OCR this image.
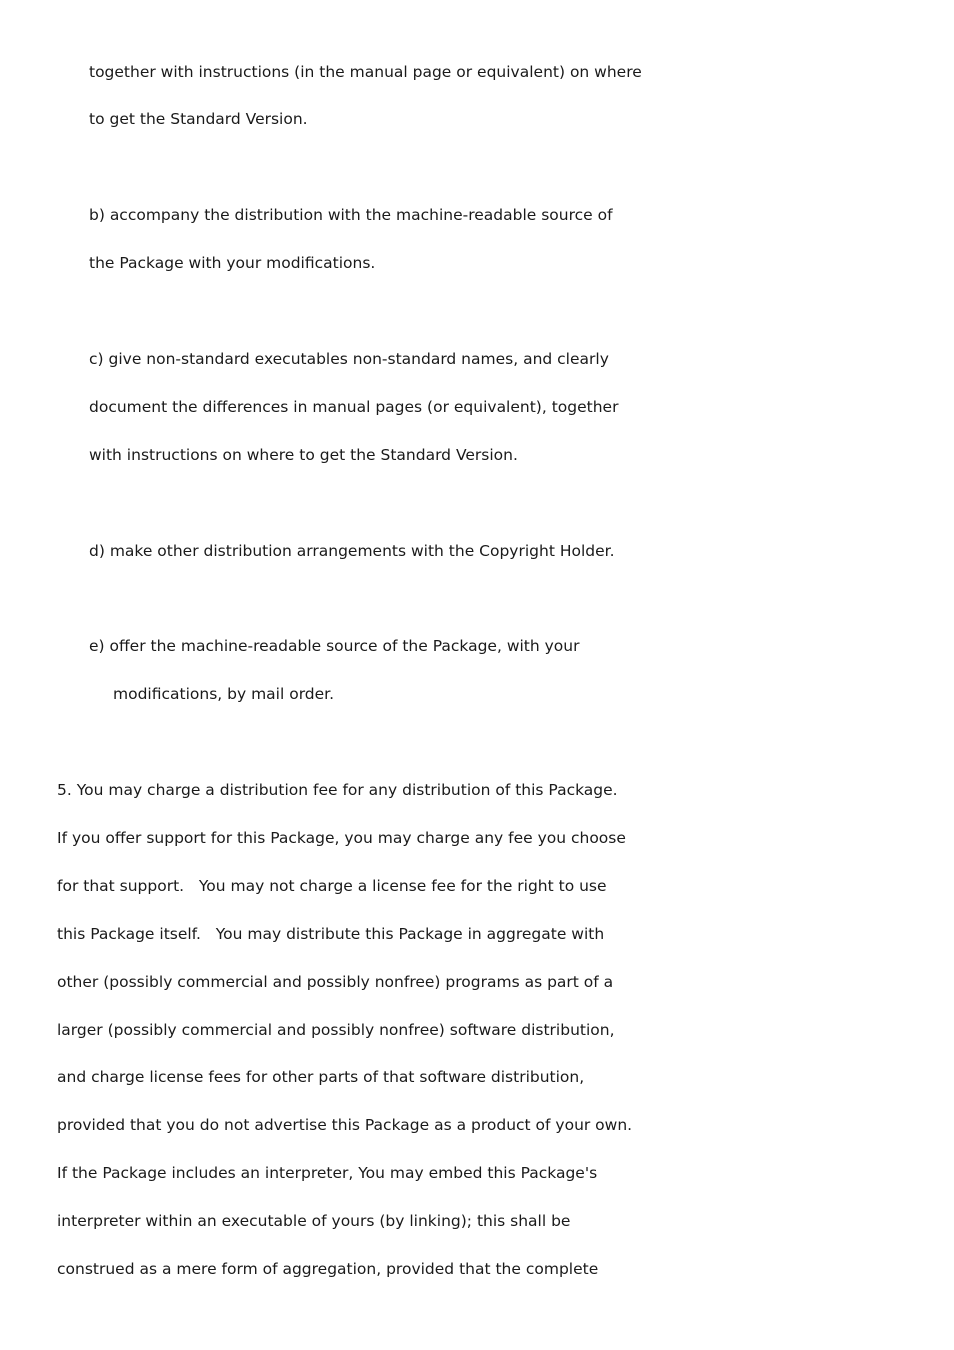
together with instructions (in the manual page or equivalent) on where
to get the Standard Version.
b) accompany the distribution with the machine-readable source of
the Package with your modifications.
c) give non-standard executables non-standard names, and clearly
document the differences in manual pages (or equivalent), together
with instructions on where to get the Standard Version.
d) make other distribution arrangements with the Copyright Holder.
e) offer the machine-readable source of the Package, with your
modifications, by mail order.
5. You may charge a distribution fee for any distribution of this Package.
If you offer support for this Package, you may charge any fee you choose
for that support.   You may not charge a license fee for the right to use
this Package itself.   You may distribute this Package in aggregate with
other (possibly commercial and possibly nonfree) programs as part of a
larger (possibly commercial and possibly nonfree) software distribution,
and charge license fees for other parts of that software distribution,
provided that you do not advertise this Package as a product of your own.
If the Package includes an interpreter, You may embed this Package's
interpreter within an executable of yours (by linking); this shall be
construed as a mere form of aggregation, provided that the complete
